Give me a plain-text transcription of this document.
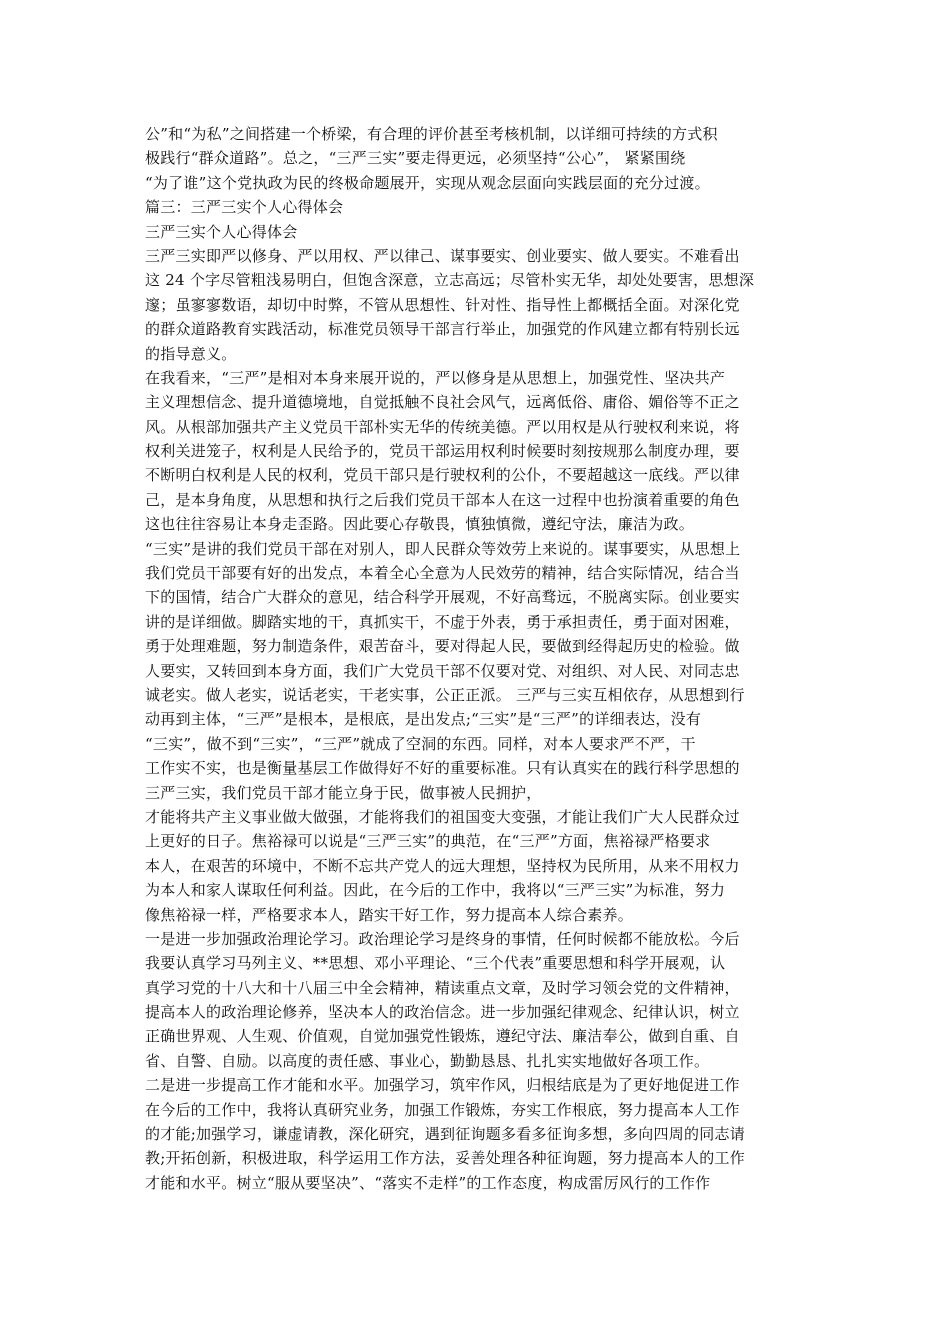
公”和“为私”之间搭建一个桥梁，有合理的评价甚至考核机制，以详细可持续的方式积
极践行“群众道路”。总之，“三严三实”要走得更远，必须坚持“公心”， 紧紧围绕
“为了谁”这个党执政为民的终极命题展开，实现从观念层面向实践层面的充分过渡。
篇三：三严三实个人心得体会
三严三实个人心得体会
三严三实即严以修身、严以用权、严以律己、谋事要实、创业要实、做人要实。不难看出
这 24 个字尽管粗浅易明白，但饱含深意，立志高远；尽管朴实无华，却处处要害，思想深
邃；虽寥寥数语，却切中时弊，不管从思想性、针对性、指导性上都概括全面。对深化党
的群众道路教育实践活动，标准党员领导干部言行举止，加强党的作风建立都有特别长远
的指导意义。
在我看来，“三严”是相对本身来展开说的，严以修身是从思想上，加强党性、坚决共产
主义理想信念、提升道德境地，自觉抵触不良社会风气，远离低俗、庸俗、媚俗等不正之
风。从根部加强共产主义党员干部朴实无华的传统美德。严以用权是从行驶权利来说，将
权利关进笼子，权利是人民给予的，党员干部运用权利时候要时刻按规那么制度办理，要
不断明白权利是人民的权利，党员干部只是行驶权利的公仆，不要超越这一底线。严以律
己，是本身角度，从思想和执行之后我们党员干部本人在这一过程中也扮演着重要的角色
这也往往容易让本身走歪路。因此要心存敬畏，慎独慎微，遵纪守法，廉洁为政。
“三实”是讲的我们党员干部在对别人，即人民群众等效劳上来说的。谋事要实，从思想上
我们党员干部要有好的出发点，本着全心全意为人民效劳的精神，结合实际情况，结合当
下的国情，结合广大群众的意见，结合科学开展观，不好高骛远，不脱离实际。创业要实
讲的是详细做。脚踏实地的干，真抓实干，不虚于外表，勇于承担责任，勇于面对困难，
勇于处理难题，努力制造条件，艰苦奋斗，要对得起人民，要做到经得起历史的检验。做
人要实，又转回到本身方面，我们广大党员干部不仅要对党、对组织、对人民、对同志忠
诚老实。做人老实，说话老实，干老实事，公正正派。 三严与三实互相依存，从思想到行
动再到主体，“三严”是根本，是根底，是出发点;“三实”是“三严”的详细表达，没有
“三实”，做不到“三实”，“三严”就成了空洞的东西。同样，对本人要求严不严，干
工作实不实，也是衡量基层工作做得好不好的重要标准。只有认真实在的践行科学思想的
三严三实，我们党员干部才能立身于民，做事被人民拥护，
才能将共产主义事业做大做强，才能将我们的祖国变大变强，才能让我们广大人民群众过
上更好的日子。焦裕禄可以说是“三严三实”的典范，在“三严”方面，焦裕禄严格要求
本人，在艰苦的环境中，不断不忘共产党人的远大理想，坚持权为民所用，从来不用权力
为本人和家人谋取任何利益。因此，在今后的工作中，我将以“三严三实”为标准，努力
像焦裕禄一样，严格要求本人，踏实干好工作，努力提高本人综合素养。
一是进一步加强政治理论学习。政治理论学习是终身的事情，任何时候都不能放松。今后
我要认真学习马列主义、**思想、邓小平理论、“三个代表”重要思想和科学开展观，认
真学习党的十八大和十八届三中全会精神，精读重点文章，及时学习领会党的文件精神，
提高本人的政治理论修养，坚决本人的政治信念。进一步加强纪律观念、纪律认识，树立
正确世界观、人生观、价值观，自觉加强党性锻炼，遵纪守法、廉洁奉公，做到自重、自
省、自警、自励。以高度的责任感、事业心，勤勤恳恳、扎扎实实地做好各项工作。
二是进一步提高工作才能和水平。加强学习，筑牢作风，归根结底是为了更好地促进工作
在今后的工作中，我将认真研究业务，加强工作锻炼，夯实工作根底，努力提高本人工作
的才能;加强学习，谦虚请教，深化研究，遇到征询题多看多征询多想，多向四周的同志请
教;开拓创新，积极进取，科学运用工作方法，妥善处理各种征询题，努力提高本人的工作
才能和水平。树立“服从要坚决”、“落实不走样”的工作态度，构成雷厉风行的工作作
